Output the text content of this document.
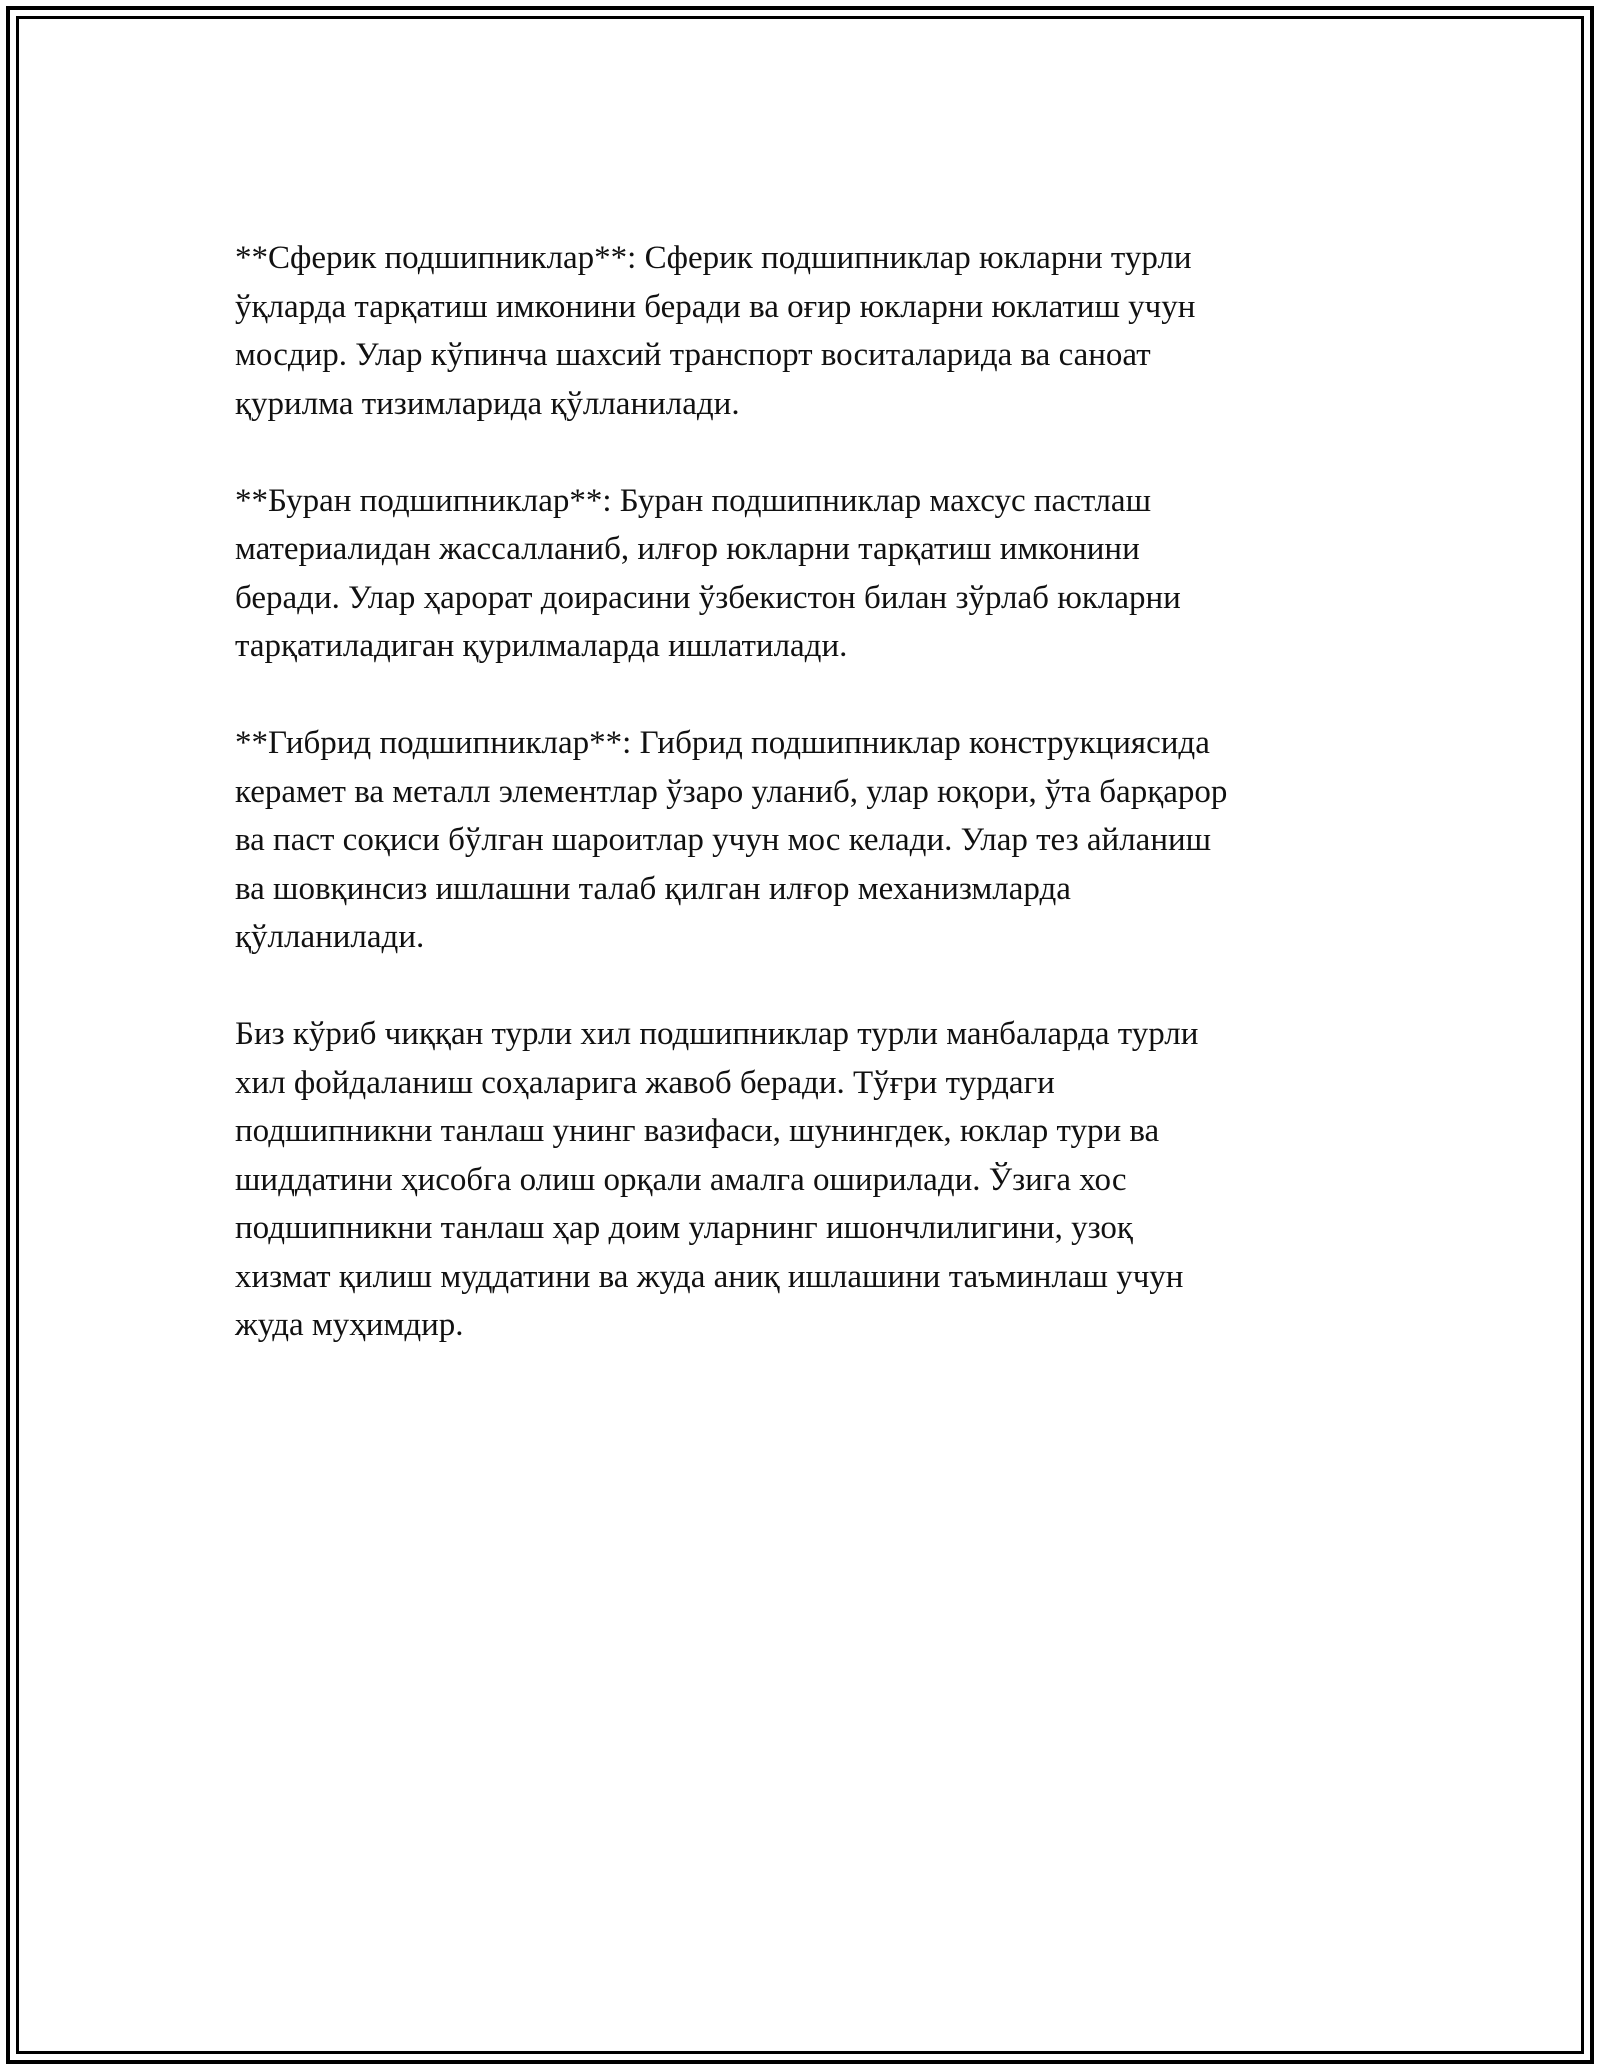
**Сферик подшипниклар**: Сферик подшипниклар юкларни турли
ўқларда тарқатиш имконини беради ва оғир юкларни юклатиш учун
мосдир. Улар кўпинча шахсий транспорт воситаларида ва саноат
қурилма тизимларида қўлланилади.

**Буран подшипниклар**: Буран подшипниклар махсус пастлаш
материалидан жассалланиб, илғор юкларни тарқатиш имконини
беради. Улар ҳарорат доирасини ўзбекистон билан зўрлаб юкларни
тарқатиладиган қурилмаларда ишлатилади.

**Гибрид подшипниклар**: Гибрид подшипниклар конструкциясида
керамет ва металл элементлар ўзаро уланиб, улар юқори, ўта барқарор
ва паст соқиси бўлган шароитлар учун мос келади. Улар тез айланиш
ва шовқинсиз ишлашни талаб қилган илғор механизмларда
қўлланилади.

Биз кўриб чиққан турли хил подшипниклар турли манбаларда турли
хил фойдаланиш соҳаларига жавоб беради. Тўғри турдаги
подшипникни танлаш унинг вазифаси, шунингдек, юклар тури ва
шиддатини ҳисобга олиш орқали амалга оширилади. Ўзига хос
подшипникни танлаш ҳар доим уларнинг ишончлилигини, узоқ
хизмат қилиш муддатини ва жуда аниқ ишлашини таъминлаш учун
жуда муҳимдир.
